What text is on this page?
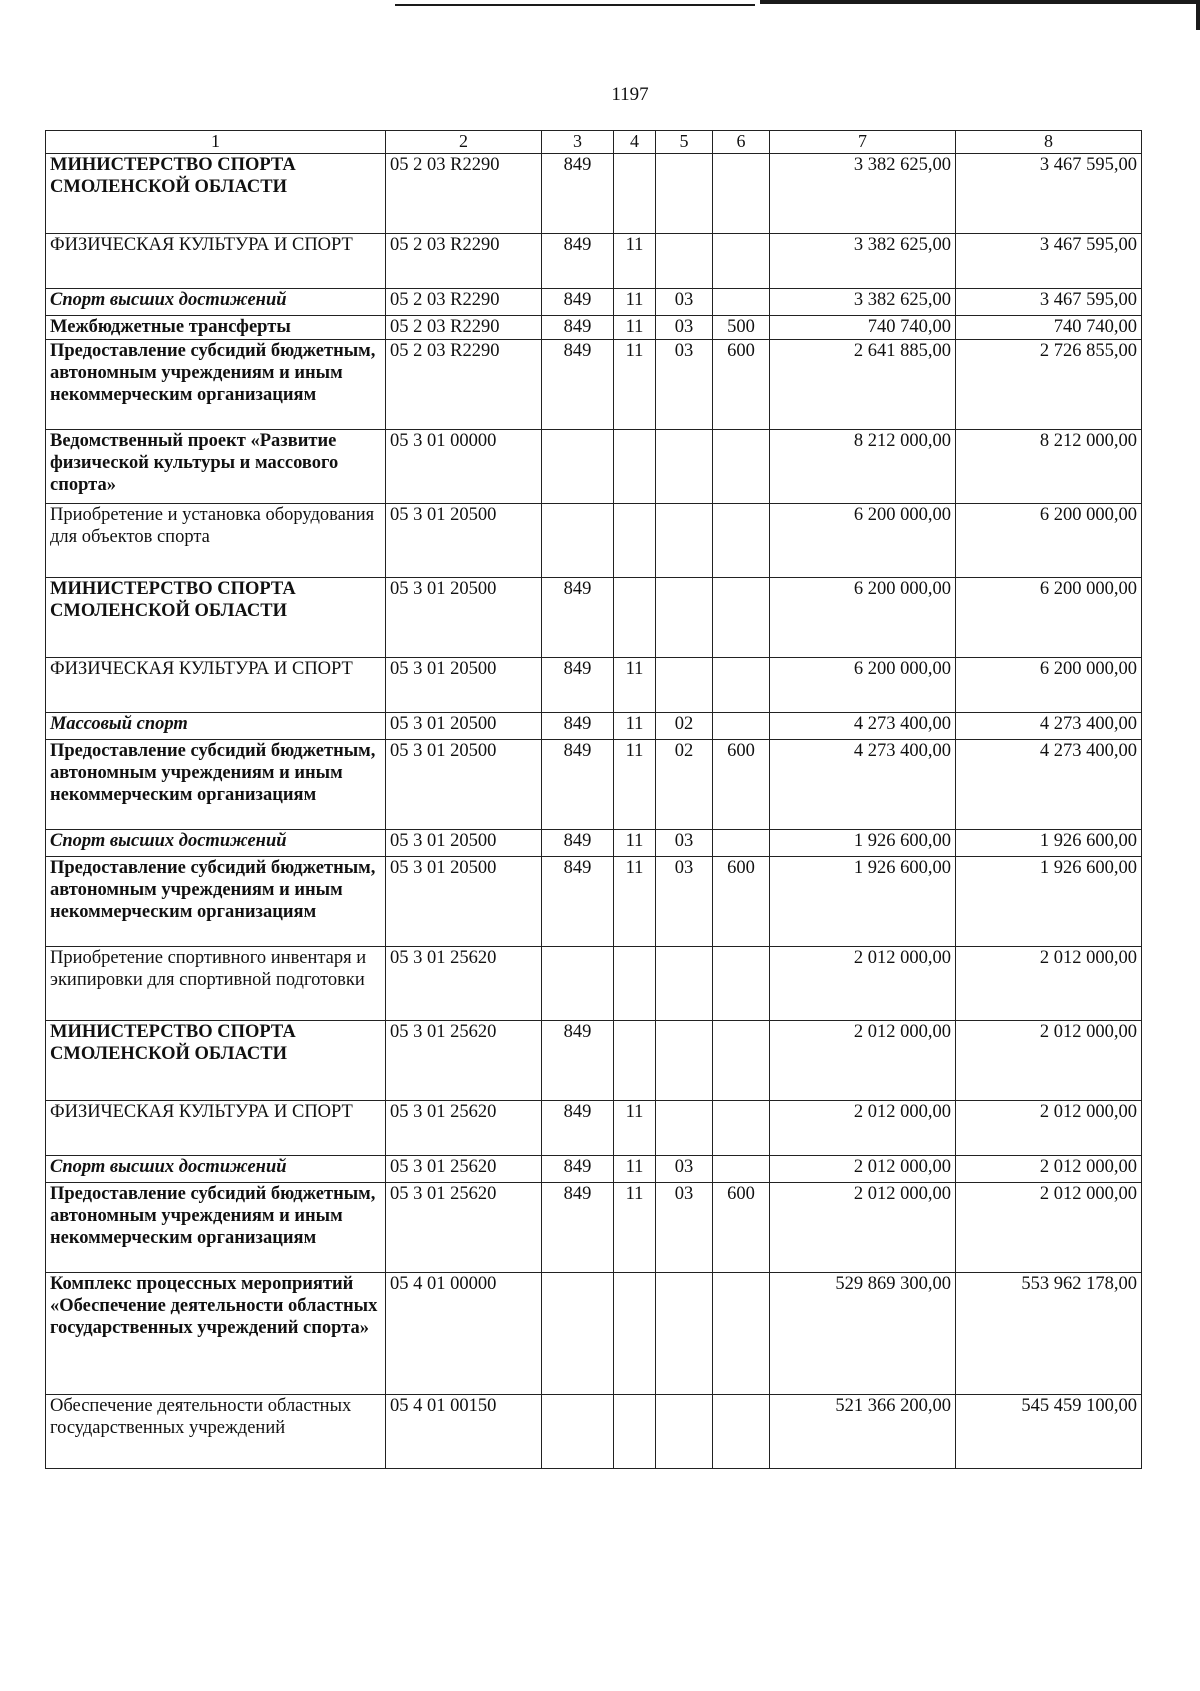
1197
1	2	3	4	5	6	7	8
МИНИСТЕРСТВО СПОРТА СМОЛЕНСКОЙ ОБЛАСТИ	05 2 03 R2290	849				3 382 625,00	3 467 595,00
ФИЗИЧЕСКАЯ КУЛЬТУРА И СПОРТ	05 2 03 R2290	849	11			3 382 625,00	3 467 595,00
Спорт высших достижений	05 2 03 R2290	849	11	03		3 382 625,00	3 467 595,00
Межбюджетные трансферты	05 2 03 R2290	849	11	03	500	740 740,00	740 740,00
Предоставление субсидий бюджетным, автономным учреждениям и иным некоммерческим организациям	05 2 03 R2290	849	11	03	600	2 641 885,00	2 726 855,00
Ведомственный проект «Развитие физической культуры и массового спорта»	05 3 01 00000					8 212 000,00	8 212 000,00
Приобретение и установка оборудования для объектов спорта	05 3 01 20500					6 200 000,00	6 200 000,00
МИНИСТЕРСТВО СПОРТА СМОЛЕНСКОЙ ОБЛАСТИ	05 3 01 20500	849				6 200 000,00	6 200 000,00
ФИЗИЧЕСКАЯ КУЛЬТУРА И СПОРТ	05 3 01 20500	849	11			6 200 000,00	6 200 000,00
Массовый спорт	05 3 01 20500	849	11	02		4 273 400,00	4 273 400,00
Предоставление субсидий бюджетным, автономным учреждениям и иным некоммерческим организациям	05 3 01 20500	849	11	02	600	4 273 400,00	4 273 400,00
Спорт высших достижений	05 3 01 20500	849	11	03		1 926 600,00	1 926 600,00
Предоставление субсидий бюджетным, автономным учреждениям и иным некоммерческим организациям	05 3 01 20500	849	11	03	600	1 926 600,00	1 926 600,00
Приобретение спортивного инвентаря и экипировки для спортивной подготовки	05 3 01 25620					2 012 000,00	2 012 000,00
МИНИСТЕРСТВО СПОРТА СМОЛЕНСКОЙ ОБЛАСТИ	05 3 01 25620	849				2 012 000,00	2 012 000,00
ФИЗИЧЕСКАЯ КУЛЬТУРА И СПОРТ	05 3 01 25620	849	11			2 012 000,00	2 012 000,00
Спорт высших достижений	05 3 01 25620	849	11	03		2 012 000,00	2 012 000,00
Предоставление субсидий бюджетным, автономным учреждениям и иным некоммерческим организациям	05 3 01 25620	849	11	03	600	2 012 000,00	2 012 000,00
Комплекс процессных мероприятий «Обеспечение деятельности областных государственных учреждений спорта»	05 4 01 00000					529 869 300,00	553 962 178,00
Обеспечение деятельности областных государственных учреждений	05 4 01 00150					521 366 200,00	545 459 100,00
